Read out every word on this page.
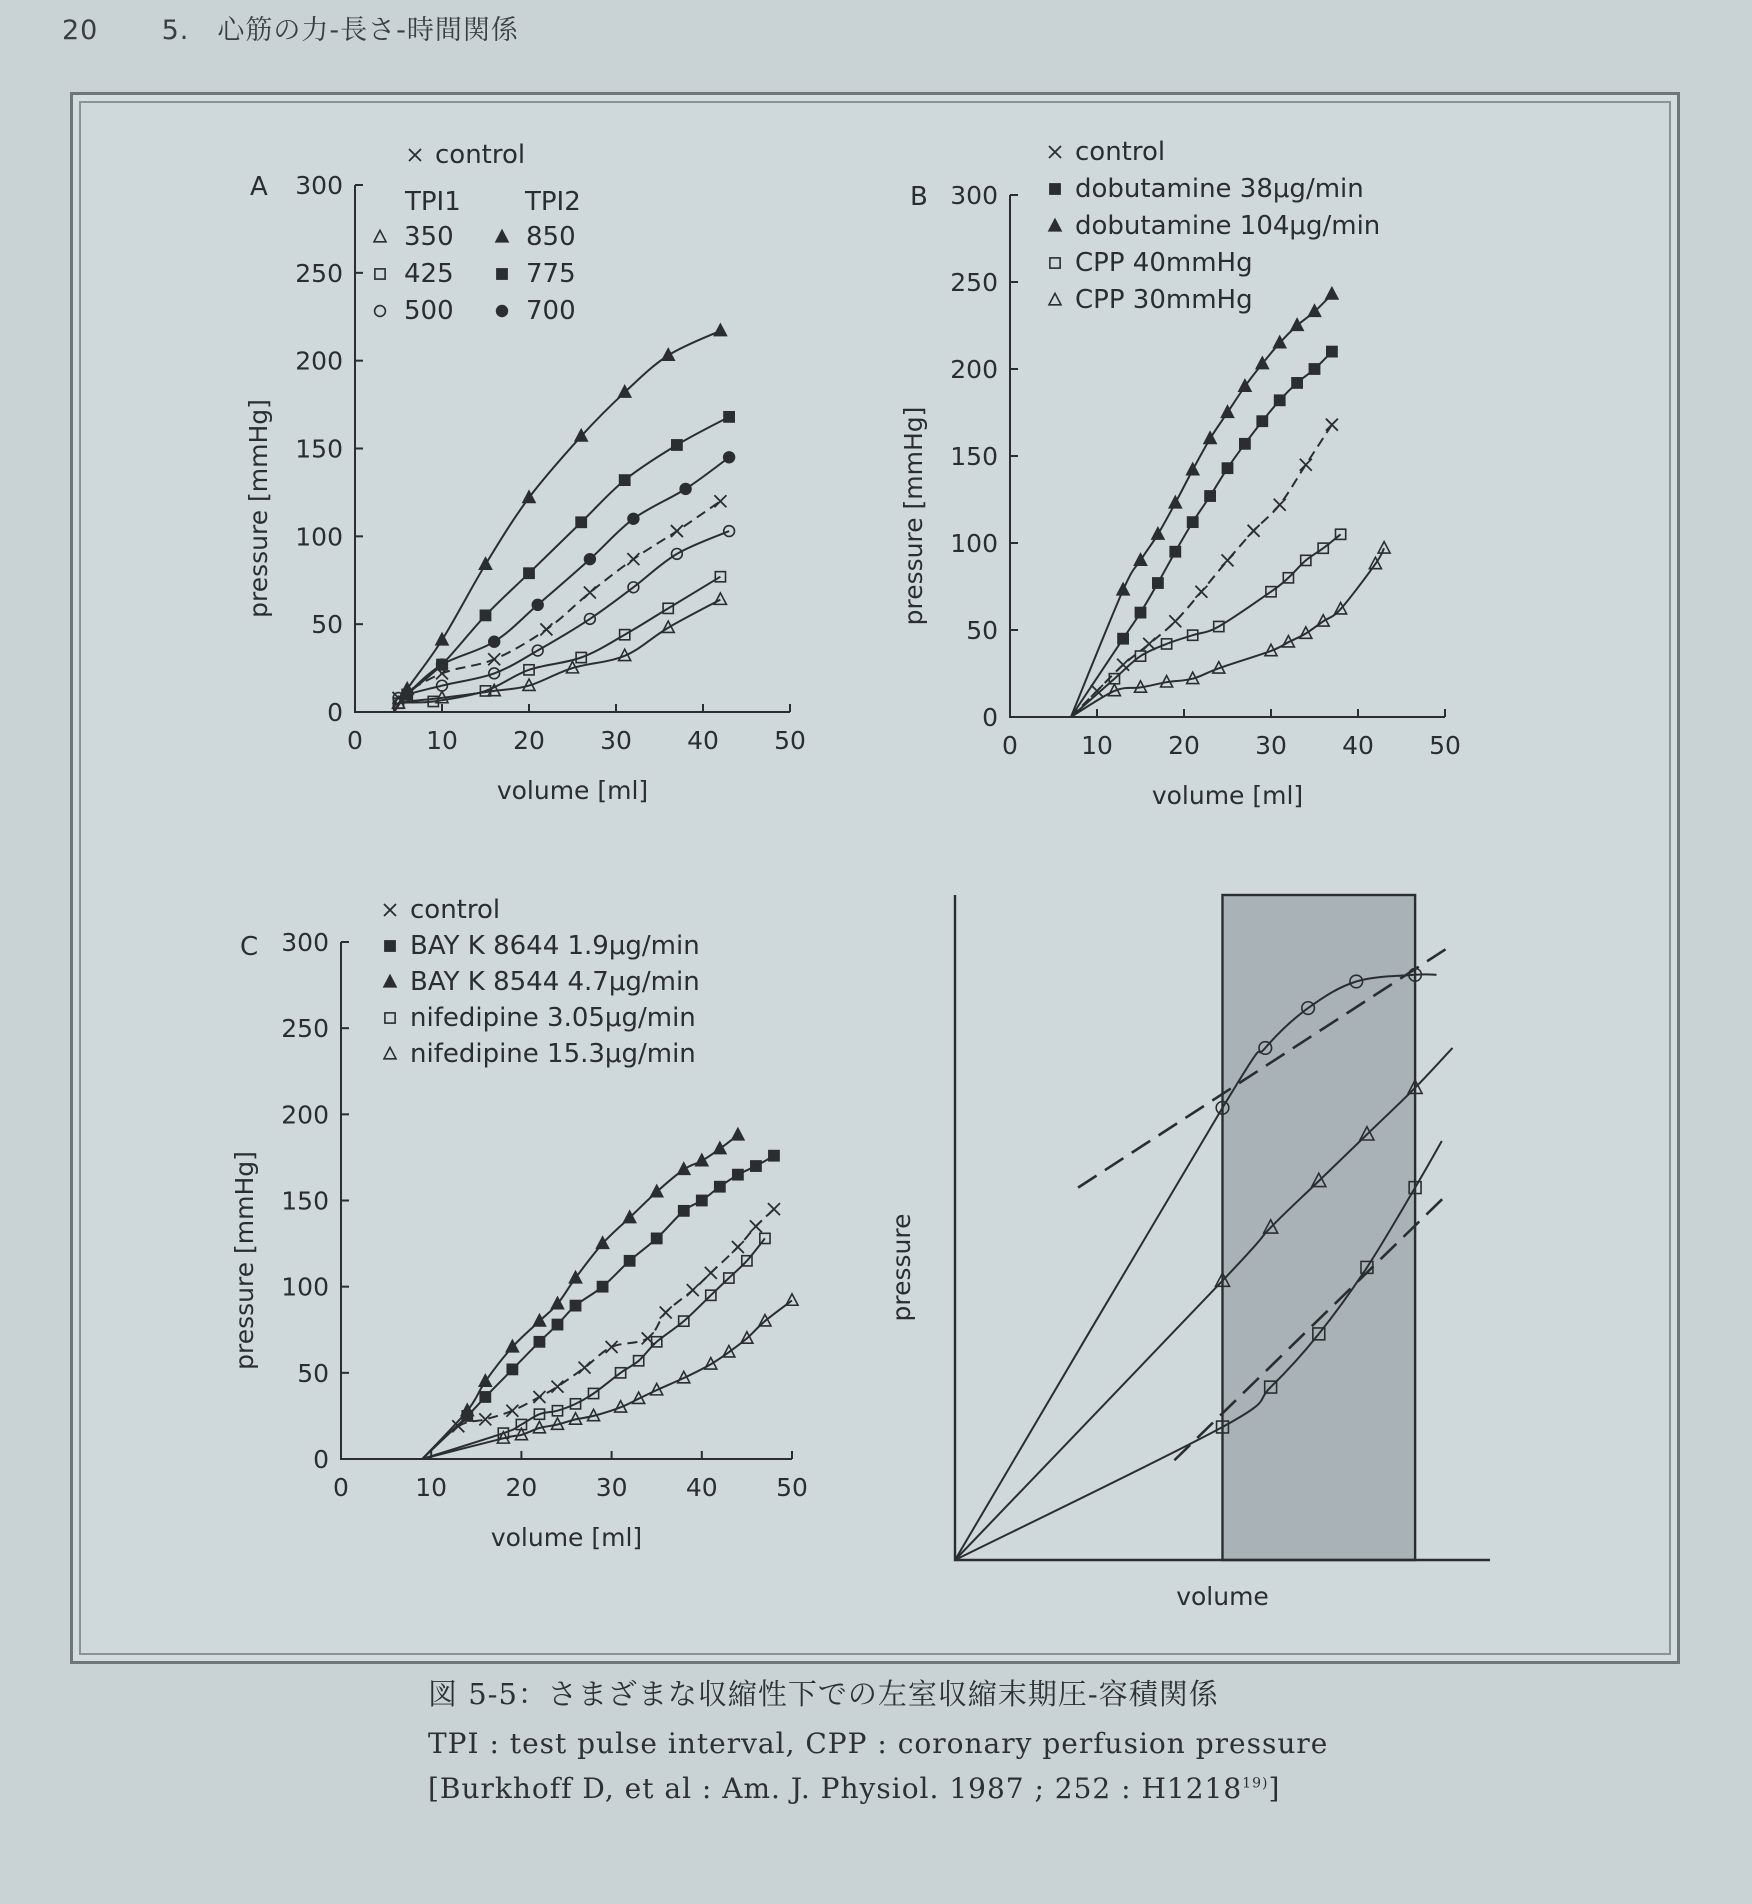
20 5.　心筋の力-長さ-時間関係
A
0
50
100
150
200
250
300
0	10 20 30 40 50
volume [ml]
pressure [mmHg]
control
TPI1 TPI2
350
425
500
850
775
700
B
0
50
100
150
200
250
300
0	10 20 30 40 50
volume [ml]
pressure [mmHg]
control
dobutamine 38μg/min
dobutamine 104μg/min
CPP 40mmHg
CPP 30mmHg
C
0
50
100
150
200
250
300
0	10 20 30 40 50
volume [ml]
pressure [mmHg]
control
BAY K 8644 1.9μg/min
BAY K 8544 4.7μg/min
nifedipine 3.05μg/min
nifedipine 15.3μg/min
pressure
volume
図 5-5：さまざまな収縮性下での左室収縮末期圧-容積関係
TPI : test pulse interval, CPP : coronary perfusion pressure
[Burkhoff D, et al : Am. J. Physiol. 1987 ; 252 : H1218$^{19)}$]
